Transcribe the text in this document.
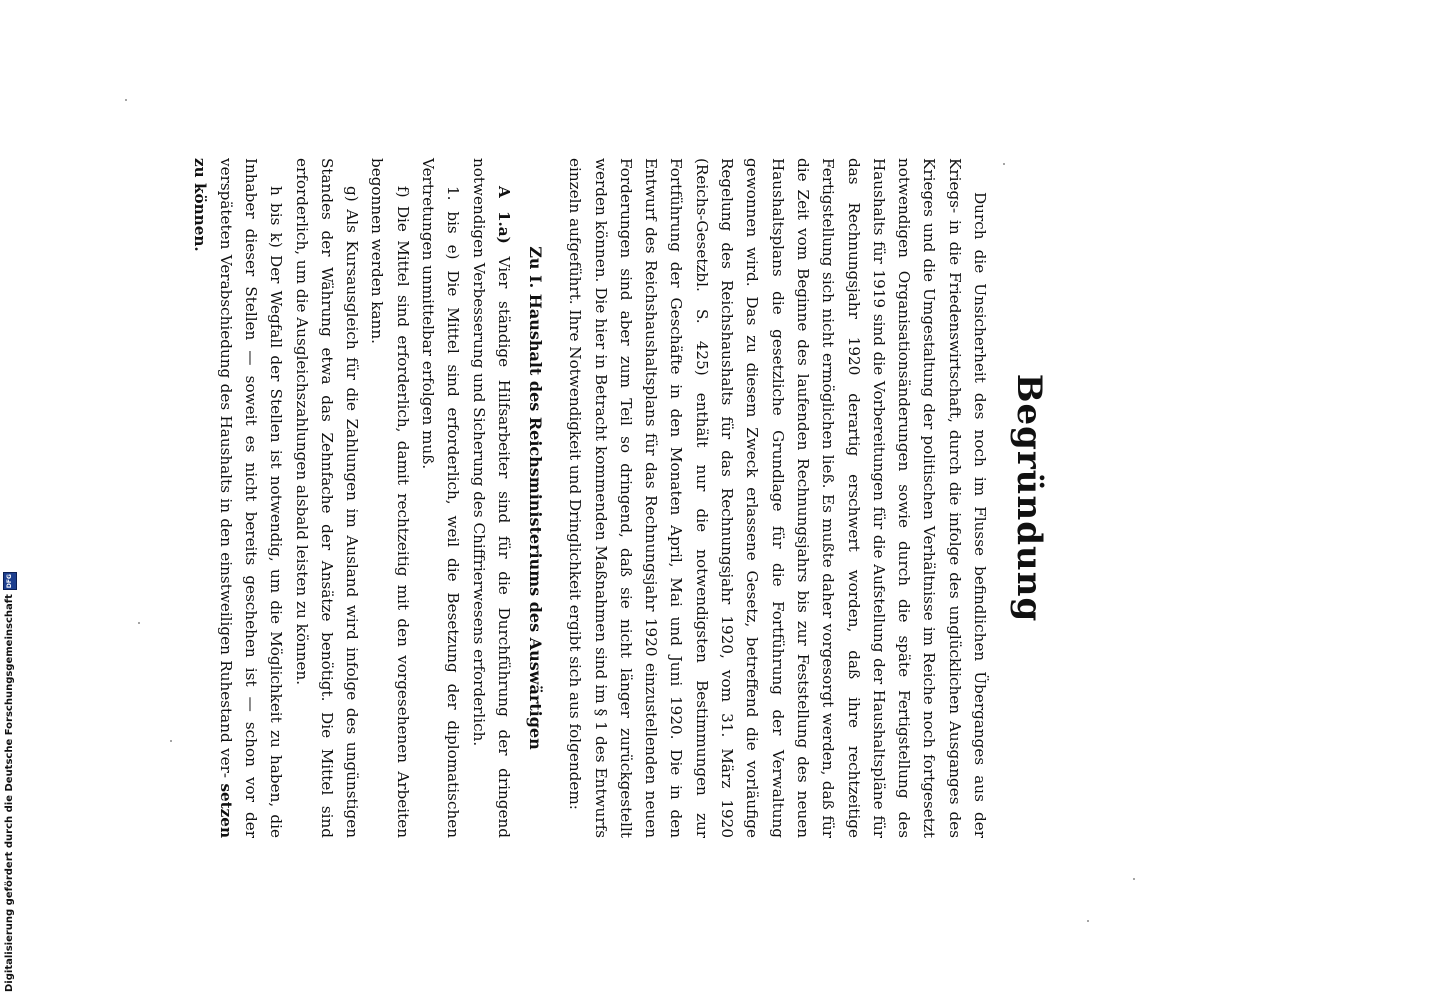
Begründung

Durch die Unsicherheit des noch im Flusse befindlichen Überganges aus der Kriegs- in die Friedenswirtschaft, durch die infolge des unglücklichen Ausganges des Krieges und die Umgestaltung der politischen Verhältnisse im Reiche noch fortgesetzt notwendigen Organisationsänderungen sowie durch die späte Fertigstellung des Haushalts für 1919 sind die Vorbereitungen für die Aufstellung der Haushaltspläne für das Rechnungsjahr 1920 derartig erschwert worden, daß ihre rechtzeitige Fertigstellung sich nicht ermöglichen ließ. Es mußte daher vorgesorgt werden, daß für die Zeit vom Beginne des laufenden Rechnungsjahrs bis zur Feststellung des neuen Haushaltsplans die gesetzliche Grundlage für die Fortführung der Verwaltung gewonnen wird. Das zu diesem Zweck erlassene Gesetz, betreffend die vorläufige Regelung des Reichshaushalts für das Rechnungsjahr 1920, vom 31. März 1920 (Reichs-Gesetzbl. S. 425) enthält nur die notwendigsten Bestimmungen zur Fortführung der Geschäfte in den Monaten April, Mai und Juni 1920. Die in den Entwurf des Reichshaushaltsplans für das Rechnungsjahr 1920 einzustellenden neuen Forderungen sind aber zum Teil so dringend, daß sie nicht länger zurückgestellt werden können. Die hier in Betracht kommenden Maßnahmen sind im § 1 des Entwurfs einzeln aufgeführt. Ihre Notwendigkeit und Dringlichkeit ergibt sich aus folgendem:

Zu I. Haushalt des Reichsministeriums des Auswärtigen

A 1.a) Vier ständige Hilfsarbeiter sind für die Durchführung der dringend notwendigen Verbesserung und Sicherung des Chiffrierwesens erforderlich.

1. bis e) Die Mittel sind erforderlich, weil die Besetzung der diplomatischen Vertretungen unmittelbar erfolgen muß.

f) Die Mittel sind erforderlich, damit rechtzeitig mit den vorgesehenen Arbeiten begonnen werden kann.

g) Als Kursausgleich für die Zahlungen im Ausland wird infolge des ungünstigen Standes der Währung etwa das Zehnfache der Ansätze benötigt. Die Mittel sind erforderlich, um die Ausgleichszahlungen alsbald leisten zu können.

h bis k) Der Wegfall der Stellen ist notwendig, um die Möglichkeit zu haben, die Inhaber dieser Stellen — soweit es nicht bereits geschehen ist — schon vor der verspäteten Verabschiedung des Haushalts in den einstweiligen Ruhestand ver- setzen zu können.

Digitalisierung gefördert durch die Deutsche Forschungsgemeinschaft
DFG
